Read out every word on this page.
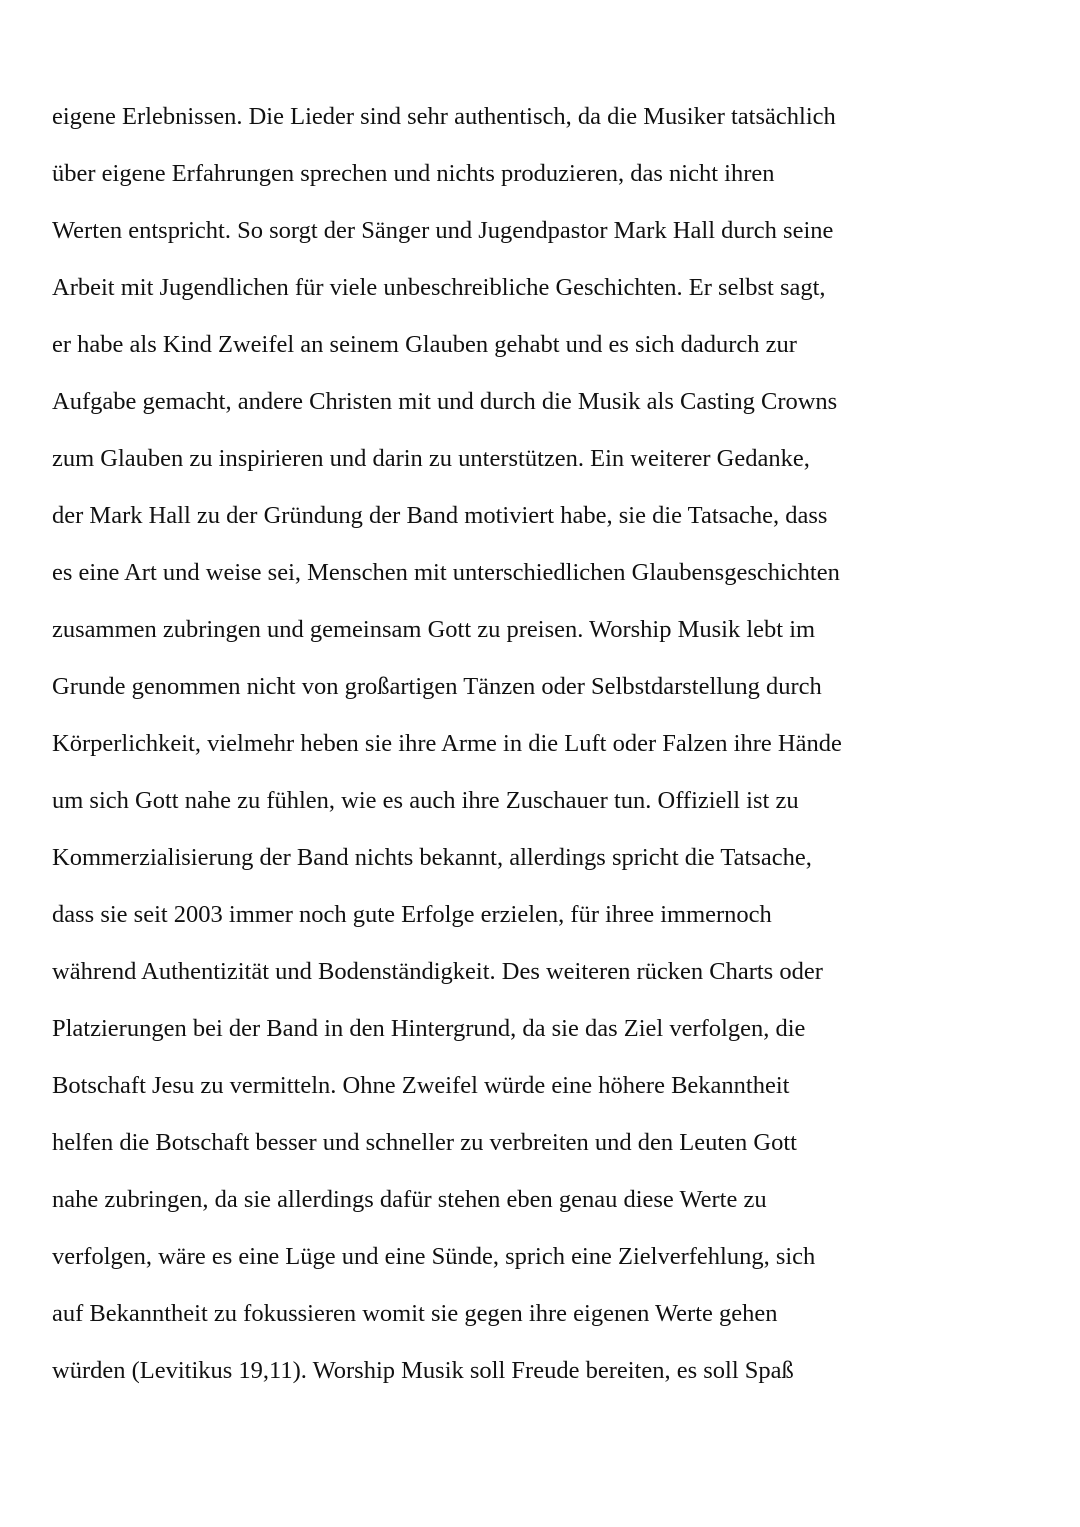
eigene Erlebnissen. Die Lieder sind sehr authentisch, da die Musiker tatsächlich
über eigene Erfahrungen sprechen und nichts produzieren, das nicht ihren
Werten entspricht. So sorgt der Sänger und Jugendpastor Mark Hall durch seine
Arbeit mit Jugendlichen für viele unbeschreibliche Geschichten. Er selbst sagt,
er habe als Kind Zweifel an seinem Glauben gehabt und es sich dadurch zur
Aufgabe gemacht, andere Christen mit und durch die Musik als Casting Crowns
zum Glauben zu inspirieren und darin zu unterstützen. Ein weiterer Gedanke,
der Mark Hall zu der Gründung der Band motiviert habe, sie die Tatsache, dass
es eine Art und weise sei, Menschen mit unterschiedlichen Glaubensgeschichten
zusammen zubringen und gemeinsam Gott zu preisen. Worship Musik lebt im
Grunde genommen nicht von großartigen Tänzen oder Selbstdarstellung durch
Körperlichkeit, vielmehr heben sie ihre Arme in die Luft oder Falzen ihre Hände
um sich Gott nahe zu fühlen, wie es auch ihre Zuschauer tun. Offiziell ist zu
Kommerzialisierung der Band nichts bekannt, allerdings spricht die Tatsache,
dass sie seit 2003 immer noch gute Erfolge erzielen, für ihree immernoch
während Authentizität und Bodenständigkeit. Des weiteren rücken Charts oder
Platzierungen bei der Band in den Hintergrund, da sie das Ziel verfolgen, die
Botschaft Jesu zu vermitteln. Ohne Zweifel würde eine höhere Bekanntheit
helfen die Botschaft besser und schneller zu verbreiten und den Leuten Gott
nahe zubringen, da sie allerdings dafür stehen eben genau diese Werte zu
verfolgen, wäre es eine Lüge und eine Sünde, sprich eine Zielverfehlung, sich
auf Bekanntheit zu fokussieren womit sie gegen ihre eigenen Werte gehen
würden (Levitikus 19,11). Worship Musik soll Freude bereiten, es soll Spaß
